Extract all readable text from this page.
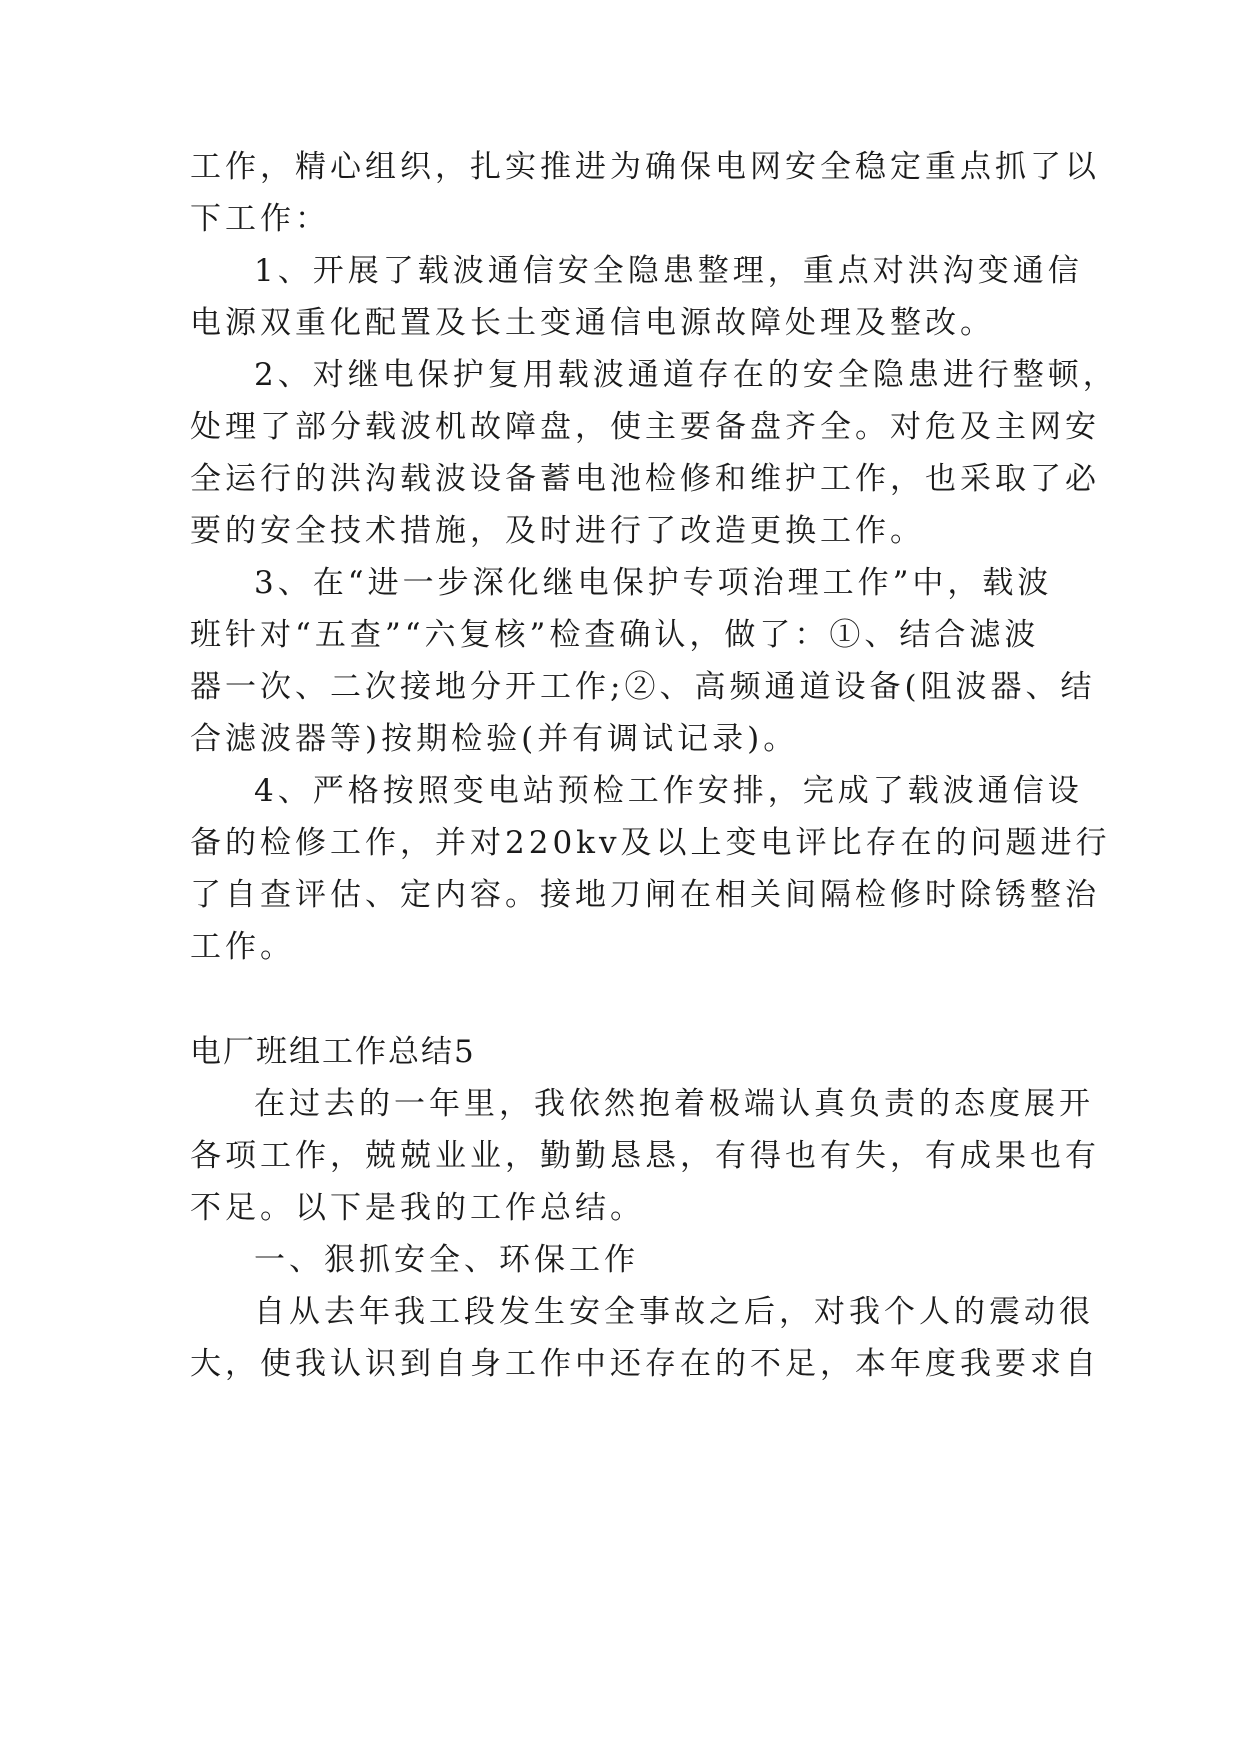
工作，精心组织，扎实推进为确保电网安全稳定重点抓了以
下工作：
1、开展了载波通信安全隐患整理，重点对洪沟变通信
电源双重化配置及长土变通信电源故障处理及整改。
2、对继电保护复用载波通道存在的安全隐患进行整顿，
处理了部分载波机故障盘，使主要备盘齐全。对危及主网安
全运行的洪沟载波设备蓄电池检修和维护工作，也采取了必
要的安全技术措施，及时进行了改造更换工作。
3、在“进一步深化继电保护专项治理工作”中，载波
班针对“五查”“六复核”检查确认，做了：①、结合滤波
器一次、二次接地分开工作;②、高频通道设备(阻波器、结
合滤波器等)按期检验(并有调试记录)。
4、严格按照变电站预检工作安排，完成了载波通信设
备的检修工作，并对220kv及以上变电评比存在的问题进行
了自查评估、定内容。接地刀闸在相关间隔检修时除锈整治
工作。
电厂班组工作总结5
在过去的一年里，我依然抱着极端认真负责的态度展开
各项工作，兢兢业业，勤勤恳恳，有得也有失，有成果也有
不足。以下是我的工作总结。
一、狠抓安全、环保工作
自从去年我工段发生安全事故之后，对我个人的震动很
大，使我认识到自身工作中还存在的不足，本年度我要求自
